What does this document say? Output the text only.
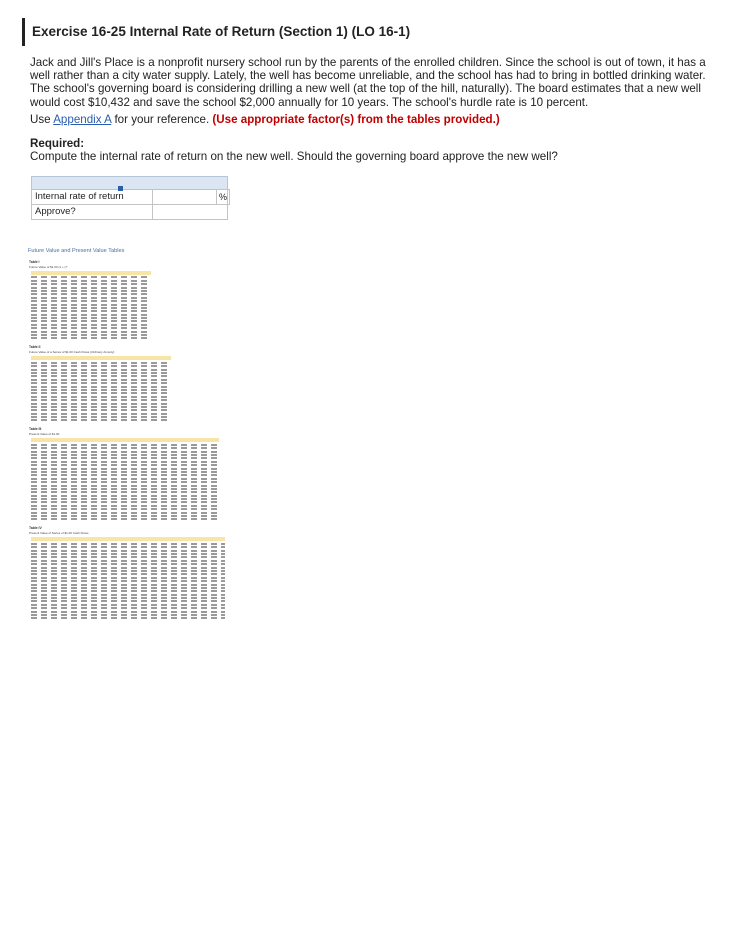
Exercise 16-25 Internal Rate of Return (Section 1) (LO 16-1)
Jack and Jill's Place is a nonprofit nursery school run by the parents of the enrolled children. Since the school is out of town, it has a well rather than a city water supply. Lately, the well has become unreliable, and the school has had to bring in bottled drinking water. The school's governing board is considering drilling a new well (at the top of the hill, naturally). The board estimates that a new well would cost $10,432 and save the school $2,000 annually for 10 years. The school's hurdle rate is 10 percent.
Use Appendix A for your reference. (Use appropriate factor(s) from the tables provided.)
Required:
Compute the internal rate of return on the new well. Should the governing board approve the new well?
Internal rate of return
Approve?
%
Future Value and Present Value Tables
Table I
Future Value of $1.00 (1 + r)ⁿ
Table II
Future Value of a Series of $1.00 Cash Flows (Ordinary Annuity)
Table III
Present Value of $1.00
Table IV
Present Value of Series of $1.00 Cash Flows
